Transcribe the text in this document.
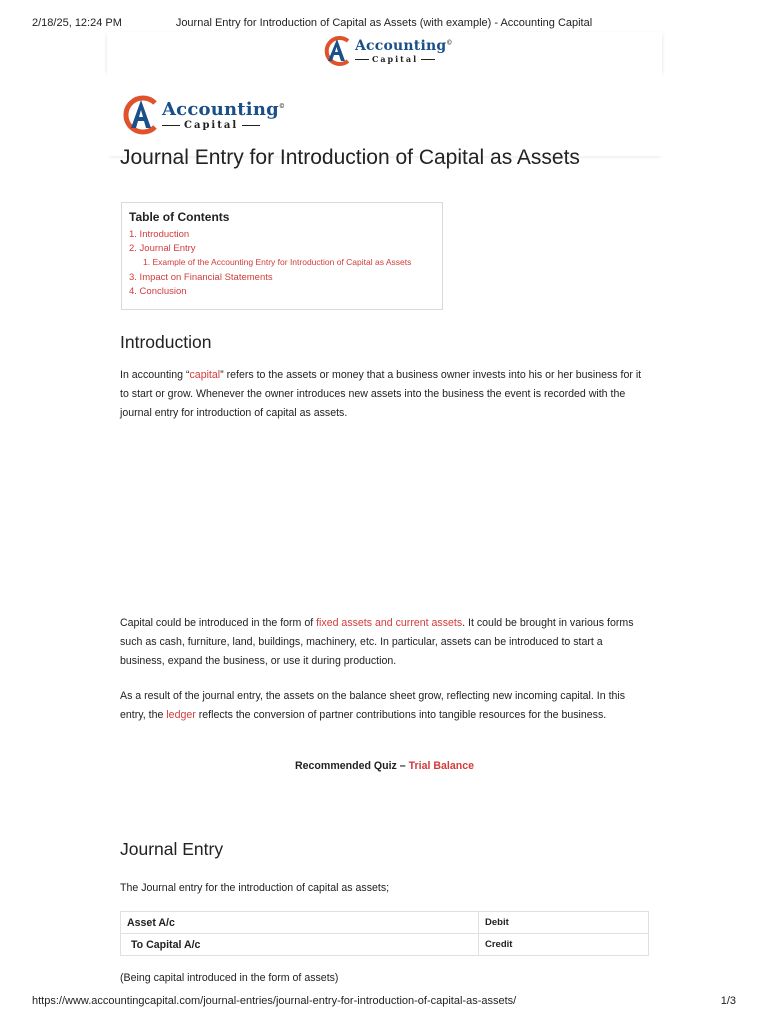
2/18/25, 12:24 PM	Journal Entry for Introduction of Capital as Assets (with example) - Accounting Capital
Accounting©
Capital
Accounting©
Capital
Journal Entry for Introduction of Capital as Assets
Table of Contents
1. Introduction
2. Journal Entry
1. Example of the Accounting Entry for Introduction of Capital as Assets
3. Impact on Financial Statements
4. Conclusion
Introduction

In accounting “capital” refers to the assets or money that a business owner invests into his or her business for it to start or grow. Whenever the owner introduces new assets into the business the event is recorded with the journal entry for introduction of capital as assets.

Capital could be introduced in the form of fixed assets and current assets. It could be brought in various forms such as cash, furniture, land, buildings, machinery, etc. In particular, assets can be introduced to start a business, expand the business, or use it during production.

As a result of the journal entry, the assets on the balance sheet grow, reflecting new incoming capital. In this entry, the ledger reflects the conversion of partner contributions into tangible resources for the business.

Recommended Quiz – Trial Balance
Journal Entry

The Journal entry for the introduction of capital as assets;

Asset A/c	Debit
To Capital A/c	Credit

(Being capital introduced in the form of assets)

https://www.accountingcapital.com/journal-entries/journal-entry-for-introduction-of-capital-as-assets/	1/3
